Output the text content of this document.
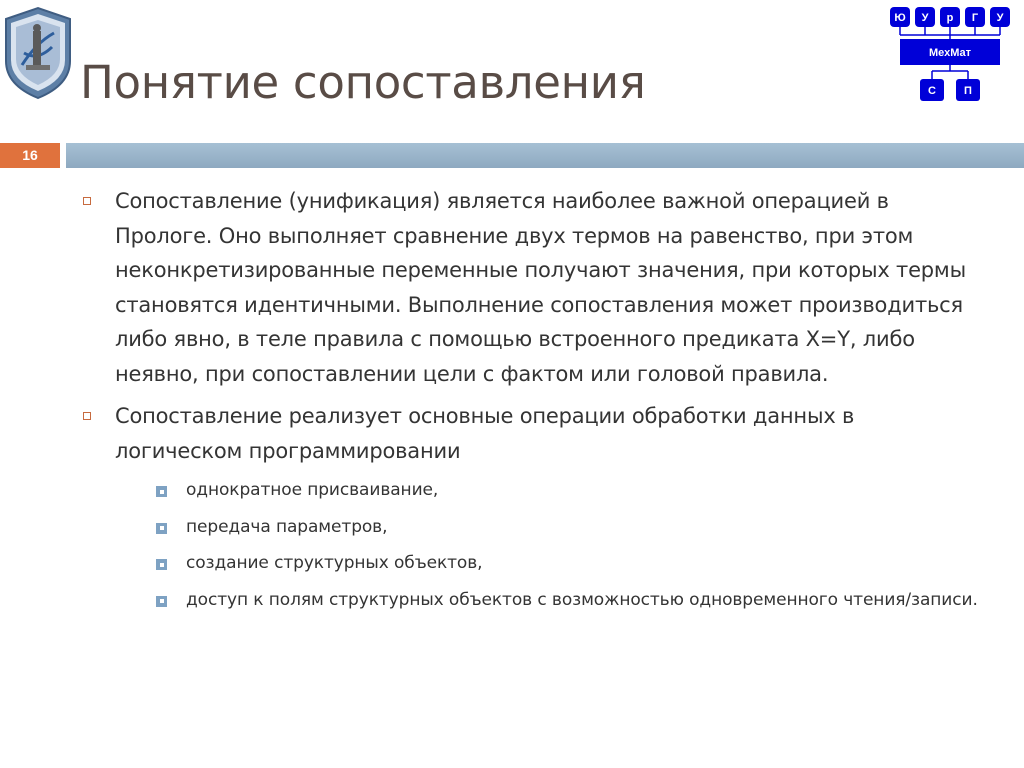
Понятие сопоставления
Ю У р Г У
МехМат
С	П
16
Сопоставление (унификация) является наиболее важной операцией в Прологе. Оно выполняет сравнение двух термов на равенство, при этом неконкретизированные переменные получают значения, при которых термы становятся идентичными. Выполнение сопоставления может производиться либо явно, в теле правила с помощью встроенного предиката X=Y, либо неявно, при сопоставлении цели с фактом или головой правила.
Сопоставление реализует основные операции обработки данных в логическом программировании
однократное присваивание,
передача параметров,
создание структурных объектов,
доступ к полям структурных объектов с возможностью одновременного чтения/записи.
